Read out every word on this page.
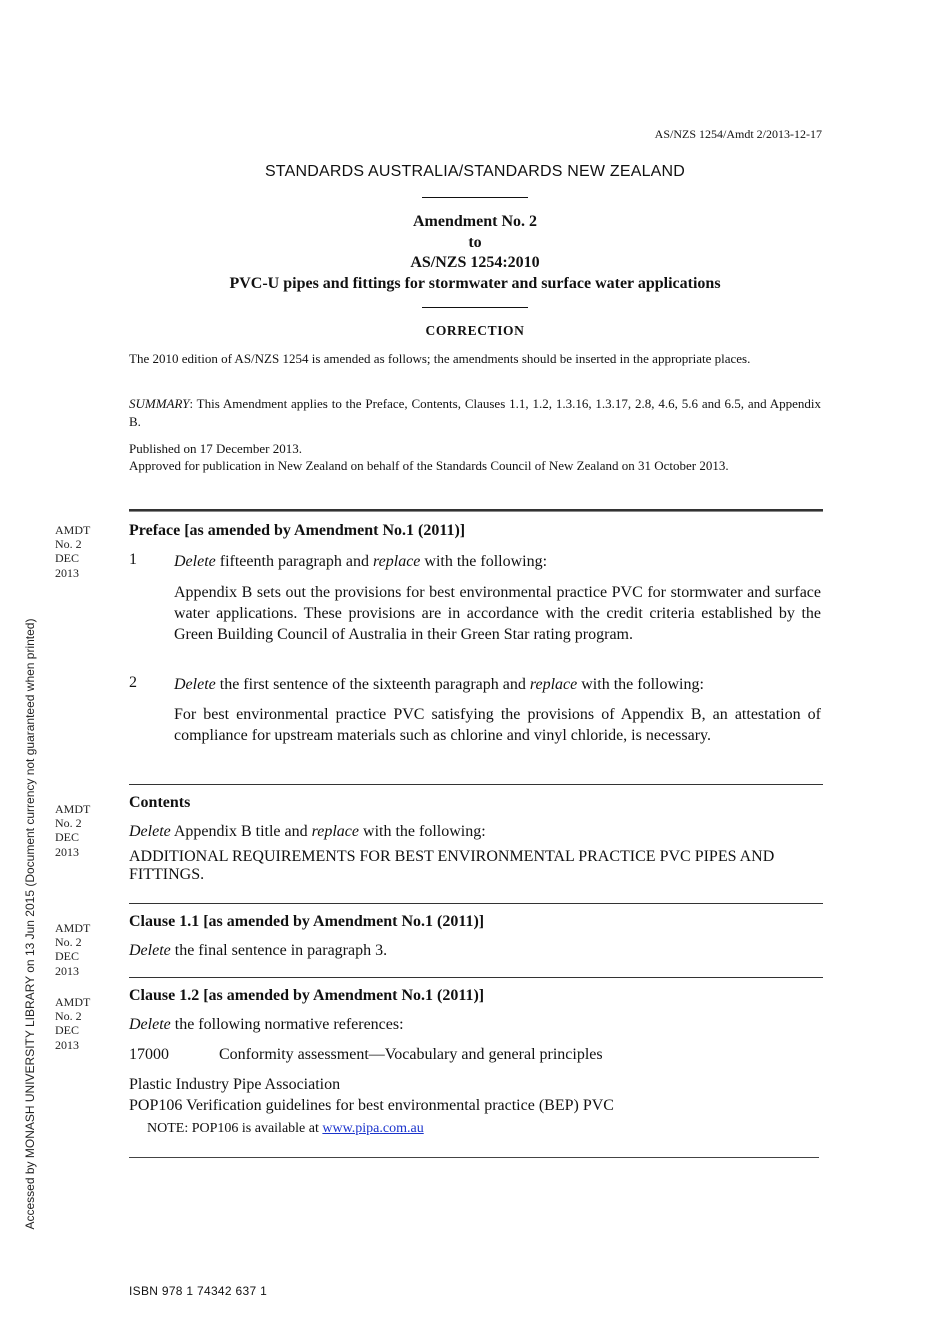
AS/NZS 1254/Amdt 2/2013-12-17
STANDARDS AUSTRALIA/STANDARDS NEW ZEALAND
Amendment No. 2
to
AS/NZS 1254:2010
PVC-U pipes and fittings for stormwater and surface water applications
CORRECTION
The 2010 edition of AS/NZS 1254 is amended as follows; the amendments should be inserted in the appropriate places.
SUMMARY: This Amendment applies to the Preface, Contents, Clauses 1.1, 1.2, 1.3.16, 1.3.17, 2.8, 4.6, 5.6 and 6.5, and Appendix B.
Published on 17 December 2013.
Approved for publication in New Zealand on behalf of the Standards Council of New Zealand on 31 October 2013.
AMDT
No. 2
DEC
2013
Preface [as amended by Amendment No.1 (2011)]
1 Delete fifteenth paragraph and replace with the following:
Appendix B sets out the provisions for best environmental practice PVC for stormwater and surface water applications. These provisions are in accordance with the credit criteria established by the Green Building Council of Australia in their Green Star rating program.
2 Delete the first sentence of the sixteenth paragraph and replace with the following:
For best environmental practice PVC satisfying the provisions of Appendix B, an attestation of compliance for upstream materials such as chlorine and vinyl chloride, is necessary.
AMDT
No. 2
DEC
2013
Contents
Delete Appendix B title and replace with the following:
ADDITIONAL REQUIREMENTS FOR BEST ENVIRONMENTAL PRACTICE PVC PIPES AND FITTINGS.
AMDT
No. 2
DEC
2013
Clause 1.1 [as amended by Amendment No.1 (2011)]
Delete the final sentence in paragraph 3.
AMDT
No. 2
DEC
2013
Clause 1.2 [as amended by Amendment No.1 (2011)]
Delete the following normative references:
17000	Conformity assessment—Vocabulary and general principles
Plastic Industry Pipe Association
POP106 Verification guidelines for best environmental practice (BEP) PVC
NOTE: POP106 is available at www.pipa.com.au
Accessed by MONASH UNIVERSITY LIBRARY on 13 Jun 2015 (Document currency not guaranteed when printed)
ISBN 978 1 74342 637 1
